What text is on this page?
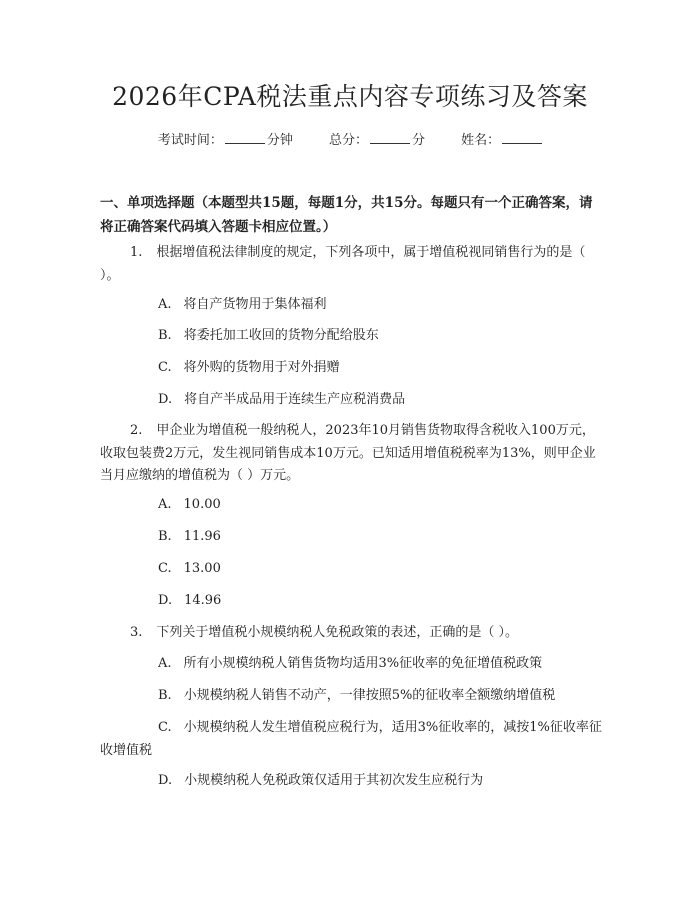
2026年CPA税法重点内容专项练习及答案
考试时间：	分钟	总分：	分	姓名：
一、单项选择题（本题型共15题，每题1分，共15分。每题只有一个正确答案，请将正确答案代码填入答题卡相应位置。）
1. 根据增值税法律制度的规定，下列各项中，属于增值税视同销售行为的是（ ）。
A. 将自产货物用于集体福利
B. 将委托加工收回的货物分配给股东
C. 将外购的货物用于对外捐赠
D. 将自产半成品用于连续生产应税消费品
2. 甲企业为增值税一般纳税人，2023年10月销售货物取得含税收入100万元，收取包装费2万元，发生视同销售成本10万元。已知适用增值税税率为13%，则甲企业当月应缴纳的增值税为（ ）万元。
A. 10.00
B. 11.96
C. 13.00
D. 14.96
3. 下列关于增值税小规模纳税人免税政策的表述，正确的是（ ）。
A. 所有小规模纳税人销售货物均适用3%征收率的免征增值税政策
B. 小规模纳税人销售不动产，一律按照5%的征收率全额缴纳增值税
C. 小规模纳税人发生增值税应税行为，适用3%征收率的，减按1%征收率征收增值税
D. 小规模纳税人免税政策仅适用于其初次发生应税行为
